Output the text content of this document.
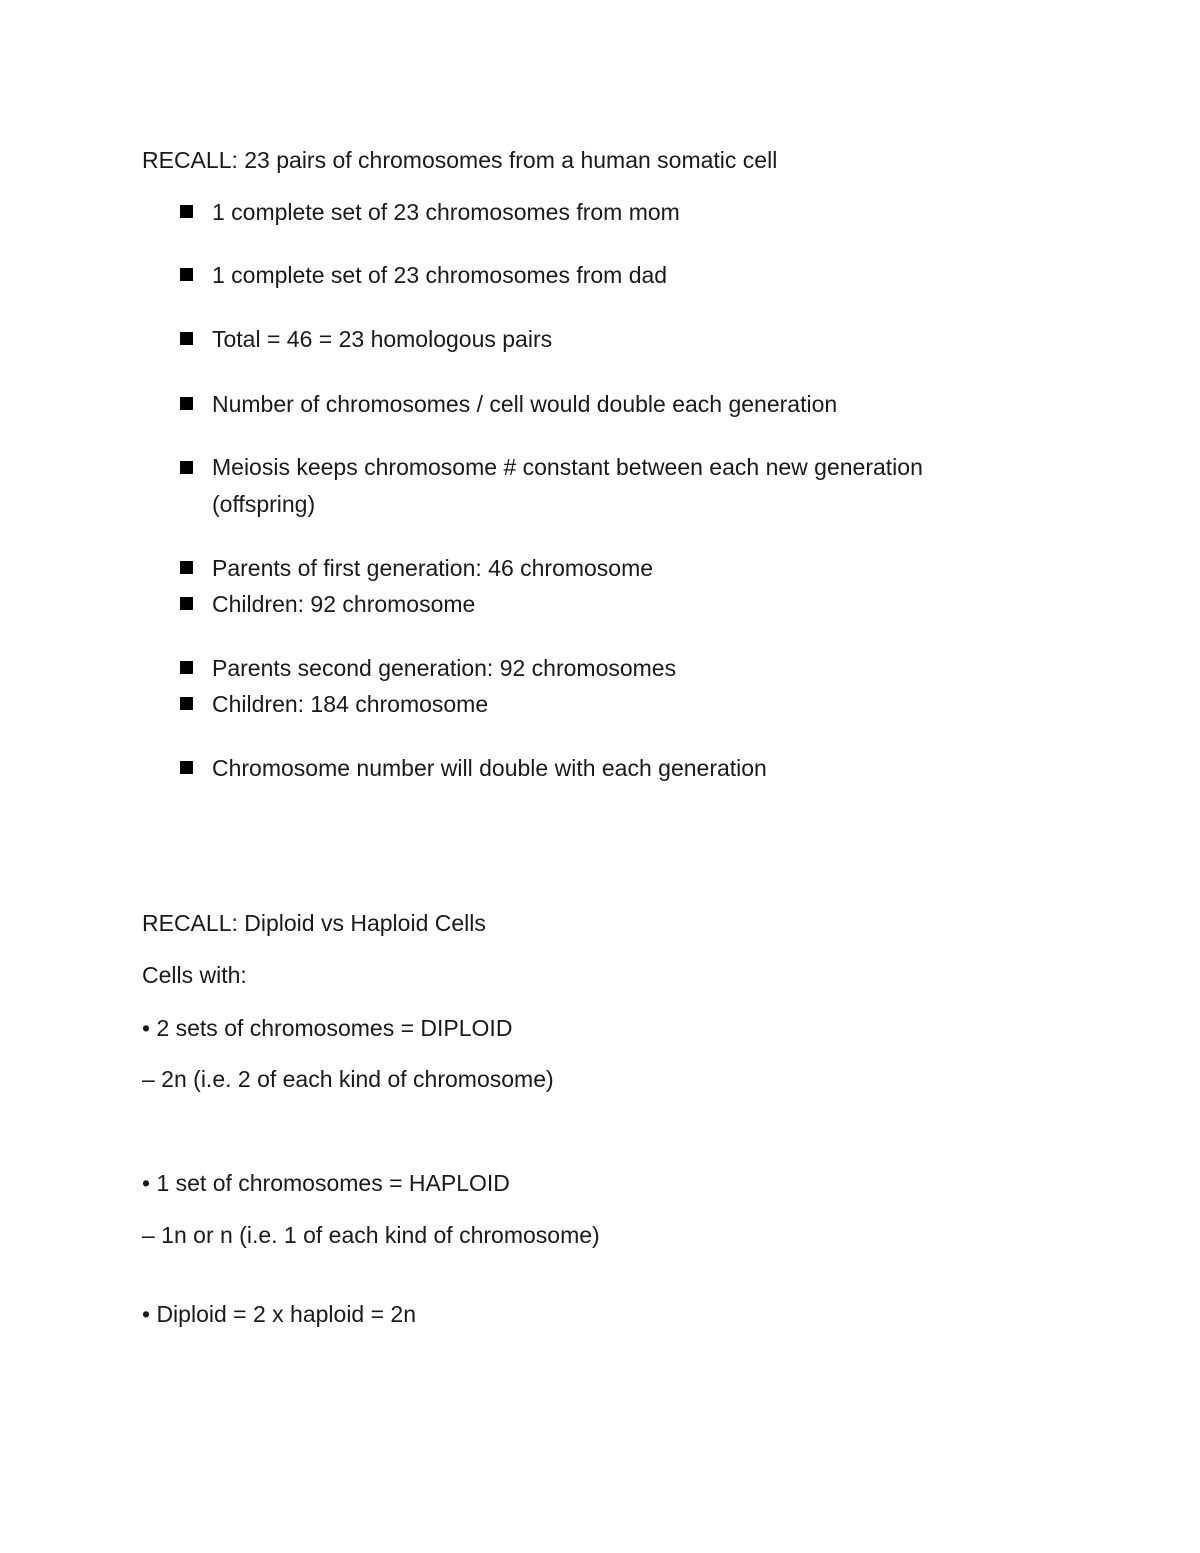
RECALL: 23 pairs of chromosomes from a human somatic cell
1 complete set of 23 chromosomes from mom
1 complete set of 23 chromosomes from dad
Total = 46 = 23 homologous pairs
Number of chromosomes / cell would double each generation
Meiosis keeps chromosome # constant between each new generation (offspring)
Parents of first generation: 46 chromosome
Children: 92 chromosome
Parents second generation: 92 chromosomes
Children: 184 chromosome
Chromosome number will double with each generation
RECALL: Diploid vs Haploid Cells
Cells with:
• 2 sets of chromosomes = DIPLOID
– 2n (i.e. 2 of each kind of chromosome)
• 1 set of chromosomes = HAPLOID
– 1n or n (i.e. 1 of each kind of chromosome)
• Diploid = 2 x haploid = 2n
